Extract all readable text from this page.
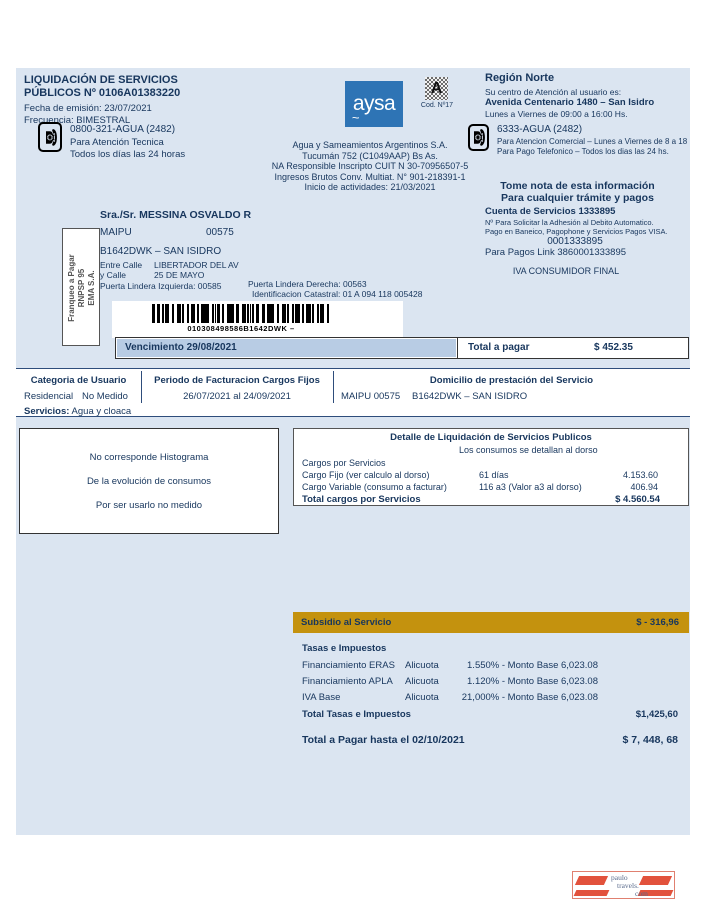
LIQUIDACIÓN DE SERVICIOS
PÚBLICOS Nº 0106A01383220
Fecha de emisión: 23/07/2021
Frecuencia: BIMESTRAL
☎ 0800-321-AGUA (2482)
Para Atención Tecnica
Todos los días las 24 horas
aysa ~
A
Cod. Nº17
Agua y Sameamientos Argentinos S.A.
Tucumán 752 (C1049AAP) Bs As.
NA Responsible Inscripto CUIT N 30-70956507-5
Ingresos Brutos Conv. Multiat. N° 901-218391-1
Inicio de actividades: 21/03/2021
Región Norte
Su centro de Atención al usuario es:
Avenida Centenario 1480 – San Isidro
Lunes a Viernes de 09:00 a 16:00 Hs.
☎ 6333-AGUA (2482)
Para Atencion Comercial – Lunes a Viernes de 8 a 18
Para Pago Telefonico – Todos los dias las 24 hs.
Tome nota de esta información
Para cualquier trámite y pagos
Cuenta de Servicios 1333895
Nº Para Solicitar la Adhesión al Debito Automatico.
Pago en Baneico, Pagophone y Servicios Pagos VISA.
0001333895
Para Pagos Link 3860001333895
IVA CONSUMIDOR FINAL
Franqueo a Pagar RNPSP 95 EMA S.A.
Sra./Sr. MESSINA OSVALDO R
MAIPU	00575
B1642DWK – SAN ISIDRO
Entre Calle LIBERTADOR DEL AV
y Calle	25 DE MAYO
Puerta Lindera Izquierda: 00585	Puerta Lindera Derecha: 00563
Identificacion Catastral: 01 A 094 118 005428
010308498586B1642DWK –
Vencimiento 29/08/2021	Total a pagar	$ 452.35
Categoria de Usuario	Periodo de Facturacion Cargos Fijos	Domicilio de prestación del Servicio
Residencial No Medido	26/07/2021 al 24/09/2021	MAIPU 00575 B1642DWK – SAN ISIDRO
Servicios: Agua y cloaca
No corresponde Histograma
De la evolución de consumos
Por ser usarlo no medido
Detalle de Liquidación de Servicios Publicos
Los consumos se detallan al dorso
Cargos por Servicios
Cargo Fijo (ver calculo al dorso)	61 días	4.153.60
Cargo Variable (consumo a facturar)	116 a3 (Valor a3 al dorso)	406.94
Total cargos por Servicios	$ 4.560.54
Subsidio al Servicio	$ - 316,96
Tasas e Impuestos
Financiamiento ERAS Alicuota	1.550% - Monto Base 6,023.08
Financiamiento APLA Alicuota	1.120% - Monto Base 6,023.08
IVA Base	Alicuota	21,000% - Monto Base 6,023.08
Total Tasas e Impuestos	$1,425,60
Total a Pagar hasta el 02/10/2021	$ 7, 448, 68
paulo
travels.
com
